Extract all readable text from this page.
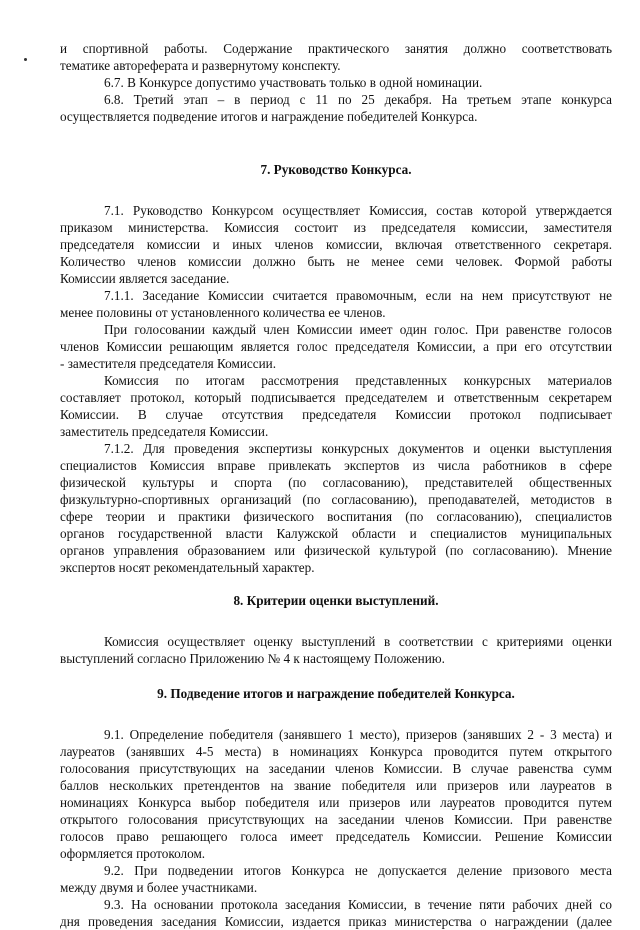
и спортивной работы. Содержание практического занятия должно соответствовать
тематике автореферата и развернутому конспекту.
6.7. В Конкурсе допустимо участвовать только в одной номинации.
6.8. Третий этап – в период с 11 по 25 декабря. На третьем этапе конкурса
осуществляется подведение итогов и награждение победителей Конкурса.
7. Руководство Конкурса.
7.1. Руководство Конкурсом осуществляет Комиссия, состав которой утверждается
приказом министерства. Комиссия состоит из председателя комиссии, заместителя
председателя комиссии и иных членов комиссии, включая ответственного секретаря.
Количество членов комиссии должно быть не менее семи человек. Формой работы
Комиссии является заседание.
7.1.1. Заседание Комиссии считается правомочным, если на нем присутствуют не
менее половины от установленного количества ее членов.
При голосовании каждый член Комиссии имеет один голос. При равенстве голосов
членов Комиссии решающим является голос председателя Комиссии, а при его отсутствии
- заместителя председателя Комиссии.
Комиссия по итогам рассмотрения представленных конкурсных материалов
составляет протокол, который подписывается председателем и ответственным секретарем
Комиссии. В случае отсутствия председателя Комиссии протокол подписывает
заместитель председателя Комиссии.
7.1.2. Для проведения экспертизы конкурсных документов и оценки выступления
специалистов Комиссия вправе привлекать экспертов из числа работников в сфере
физической культуры и спорта (по согласованию), представителей общественных
физкультурно-спортивных организаций (по согласованию), преподавателей, методистов в
сфере теории и практики физического воспитания (по согласованию), специалистов
органов государственной власти Калужской области и специалистов муниципальных
органов управления образованием или физической культурой (по согласованию). Мнение
экспертов носят рекомендательный характер.
8. Критерии оценки выступлений.
Комиссия осуществляет оценку выступлений в соответствии с критериями оценки
выступлений согласно Приложению № 4 к настоящему Положению.
9. Подведение итогов и награждение победителей Конкурса.
9.1. Определение победителя (занявшего 1 место), призеров (занявших 2 - 3 места) и
лауреатов (занявших 4-5 места) в номинациях Конкурса проводится путем открытого
голосования присутствующих на заседании членов Комиссии. В случае равенства сумм
баллов нескольких претендентов на звание победителя или призеров или лауреатов в
номинациях Конкурса выбор победителя или призеров или лауреатов проводится путем
открытого голосования присутствующих на заседании членов Комиссии. При равенстве
голосов право решающего голоса имеет председатель Комиссии. Решение Комиссии
оформляется протоколом.
9.2. При подведении итогов Конкурса не допускается деление призового места
между двумя и более участниками.
9.3. На основании протокола заседания Комиссии, в течение пяти рабочих дней со
дня проведения заседания Комиссии, издается приказ министерства о награждении (далее
